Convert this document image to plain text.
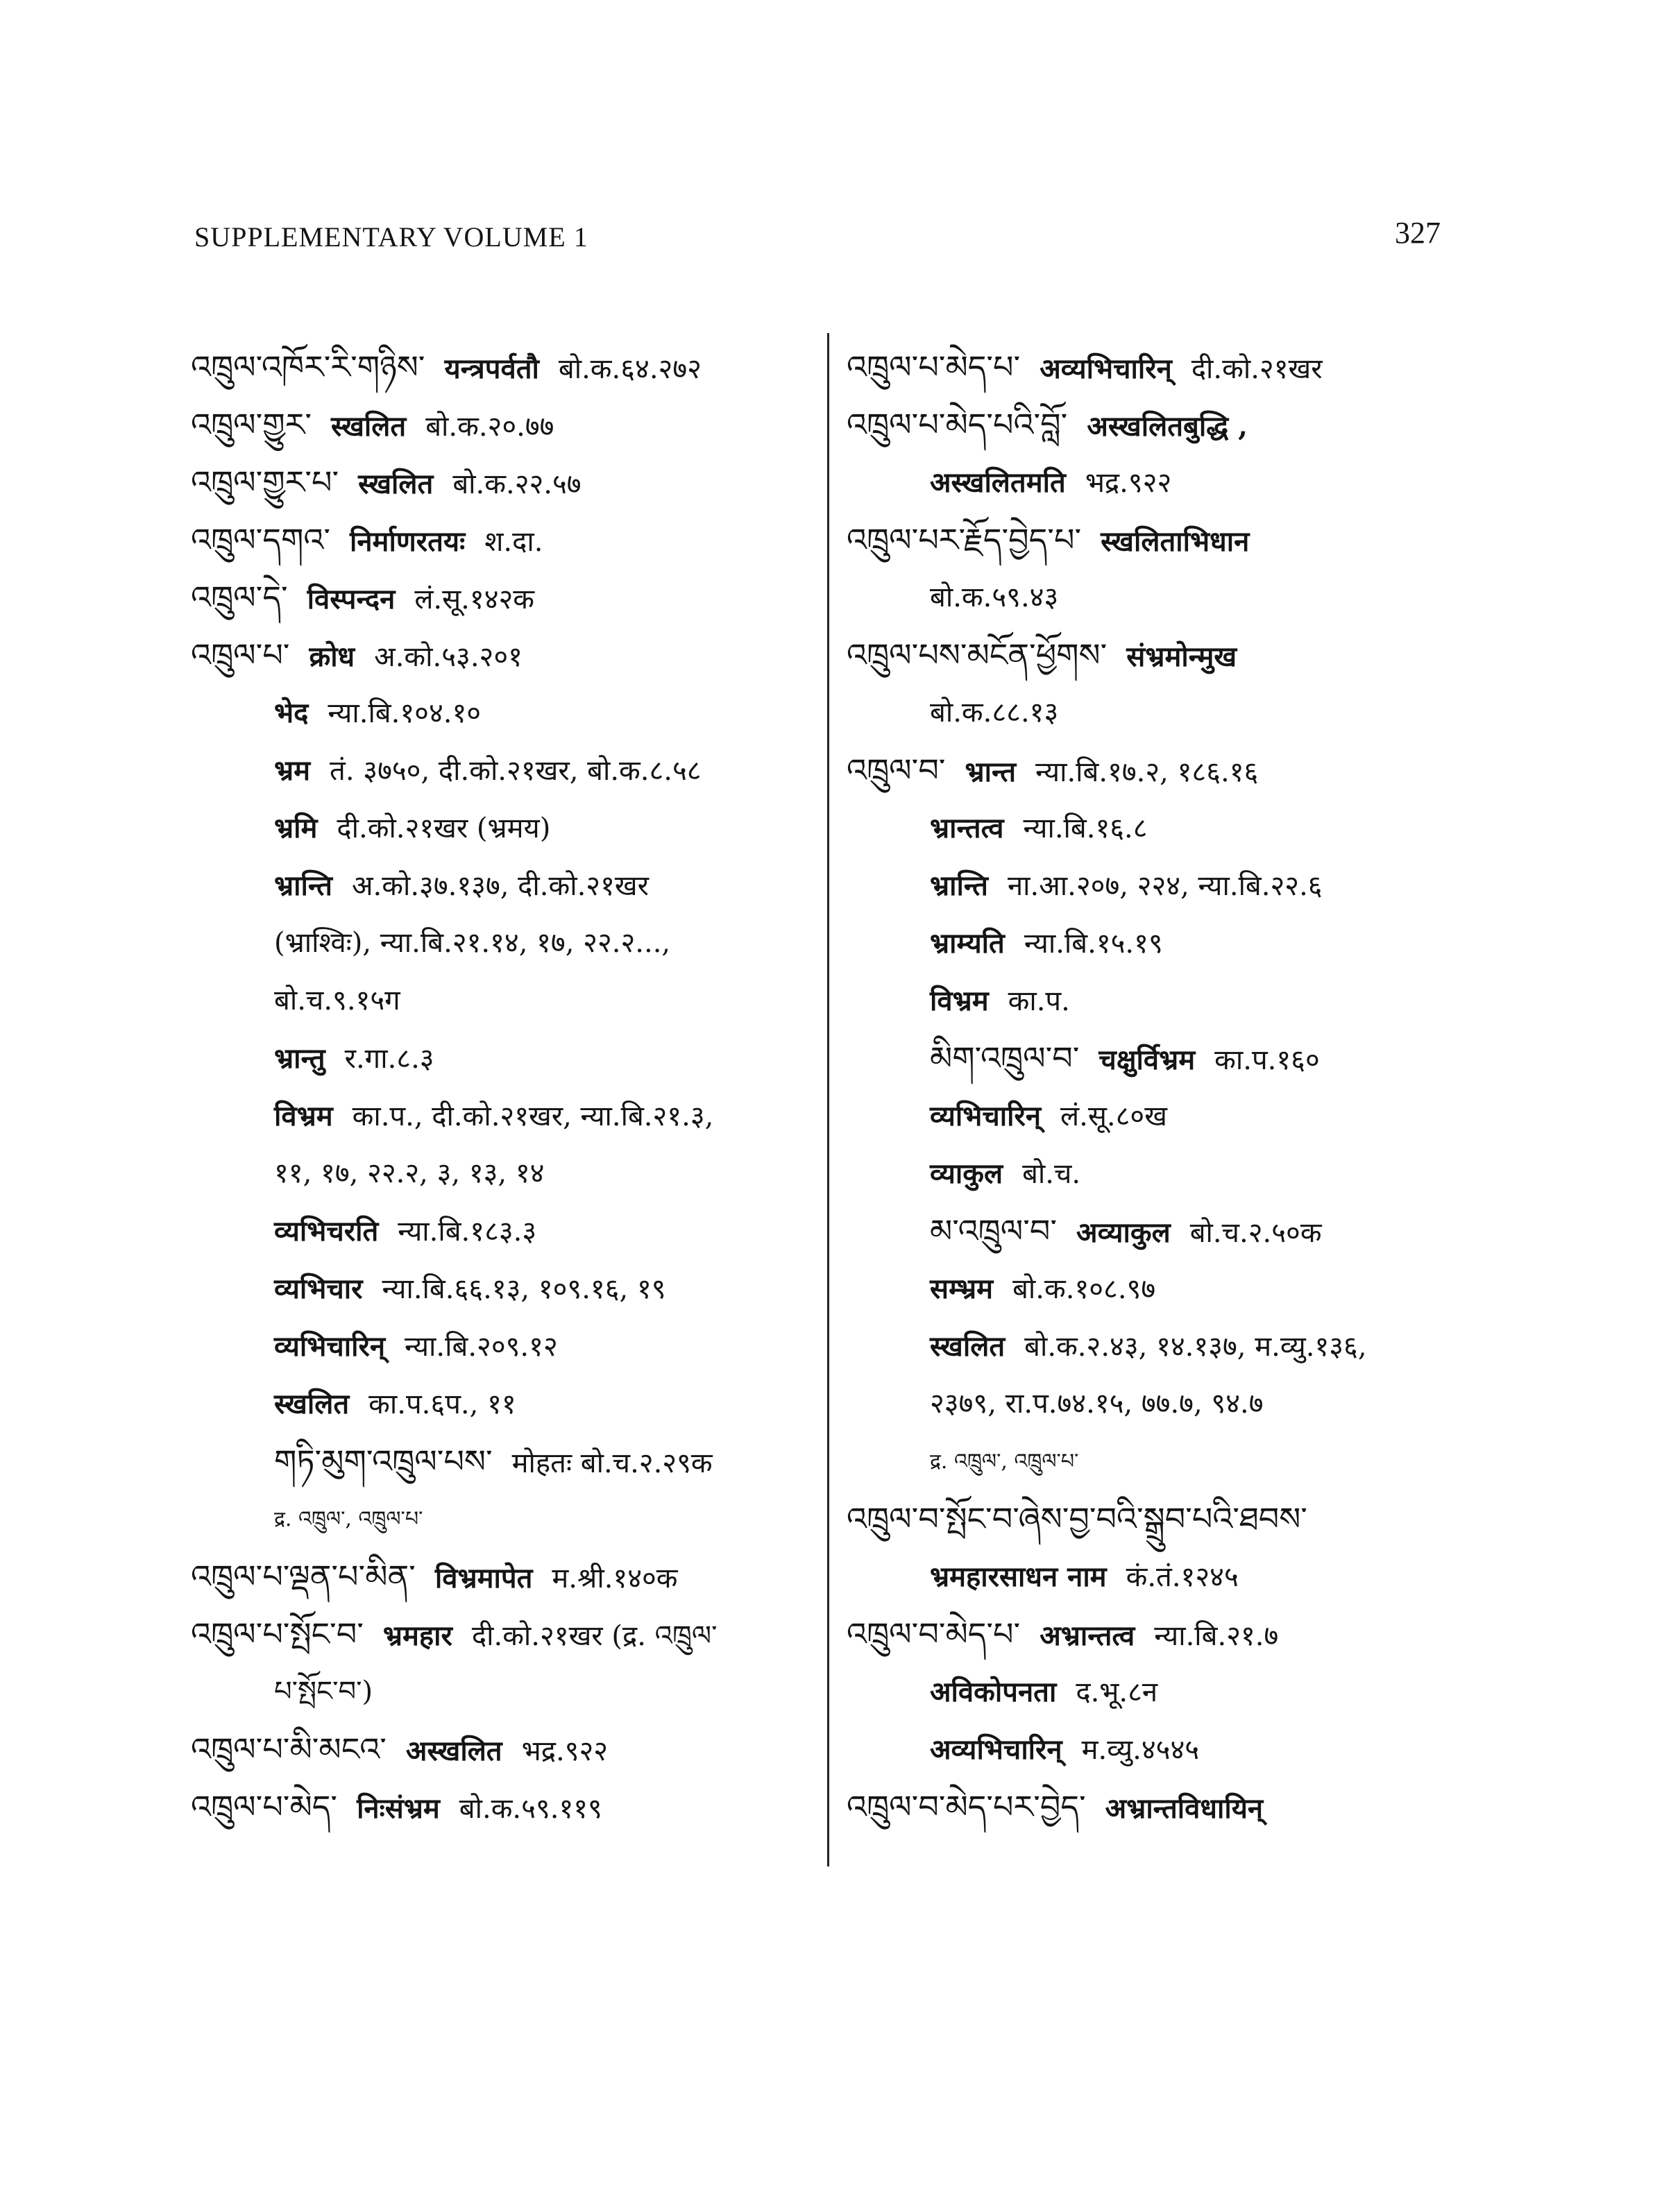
SUPPLEMENTARY VOLUME 1	327
འཁྲུལ་འཁོར་རི་གཉིས་ यन्त्रपर्वतौ बो.क.६४.२७२
འཁྲུལ་གྱུར་ स्खलित बो.क.२०.७७
འཁྲུལ་གྱུར་པ་ स्खलित बो.क.२२.५७
འཁྲུལ་དགའ་ निर्माणरतयः श.दा.
འཁྲུལ་དེ་ विस्पन्दन लं.सू.१४२क
འཁྲུལ་པ་ क्रोध अ.को.५३.२०१
भेद न्या.बि.१०४.१०
भ्रम तं. ३७५०, दी.को.२१खर, बो.क.८.५८
भ्रमि दी.को.२१खर (भ्रमय)
भ्रान्ति अ.को.३७.१३७, दी.को.२१खर
(भ्राश्विः), न्या.बि.२१.१४, १७, २२.२...,
बो.च.९.१५ग
भ्रान्तु र.गा.८.३
विभ्रम का.प., दी.को.२१खर, न्या.बि.२१.३,
११, १७, २२.२, ३, १३, १४
व्यभिचरति न्या.बि.१८३.३
व्यभिचार न्या.बि.६६.१३, १०९.१६, १९
व्यभिचारिन् न्या.बि.२०९.१२
स्खलित का.प.६प., ११
གཏི་མུག་འཁྲུལ་པས་ मोहतः बो.च.२.२९क
द्र. འཁྲུལ་, འཁྲུལ་པ་
འཁྲུལ་པ་ལྡན་པ་མིན་ विभ्रमापेत म.श्री.१४०क
འཁྲུལ་པ་སྤོང་བ་ भ्रमहार दी.को.२१खर (द्र. འཁྲུལ་
པ་སྤོང་བ་)
འཁྲུལ་པ་མི་མངའ་ अस्खलित भद्र.९२२
འཁྲུལ་པ་མེད་ निःसंभ्रम बो.क.५९.११९
འཁྲུལ་པ་མེད་པ་ अव्यभिचारिन् दी.को.२१खर
འཁྲུལ་པ་མེད་པའི་བློ་ अस्खलितबुद्धि ,
अस्खलितमति भद्र.९२२
འཁྲུལ་པར་རྗོད་བྱེད་པ་ स्खलिताभिधान
बो.क.५९.४३
འཁྲུལ་པས་མངོན་ཕྱོགས་ संभ्रमोन्मुख
बो.क.८८.१३
འཁྲུལ་བ་ भ्रान्त न्या.बि.१७.२, १८६.१६
भ्रान्तत्व न्या.बि.१६.८
भ्रान्ति ना.आ.२०७, २२४, न्या.बि.२२.६
भ्राम्यति न्या.बि.१५.१९
विभ्रम का.प.
མིག་འཁྲུལ་བ་ चक्षुर्विभ्रम का.प.१६०
व्यभिचारिन् लं.सू.८०ख
व्याकुल बो.च.
མ་འཁྲུལ་བ་ अव्याकुल बो.च.२.५०क
सम्भ्रम बो.क.१०८.९७
स्खलित बो.क.२.४३, १४.१३७, म.व्यु.१३६,
२३७९, रा.प.७४.१५, ७७.७, ९४.७
द्र. འཁྲུལ་, འཁྲུལ་པ་
འཁྲུལ་བ་སྤོང་བ་ཞེས་བྱ་བའི་སྒྲུབ་པའི་ཐབས་
भ्रमहारसाधन नाम कं.तं.१२४५
འཁྲུལ་བ་མེད་པ་ अभ्रान्तत्व न्या.बि.२१.७
अविकोपनता द.भू.८न
अव्यभिचारिन् म.व्यु.४५४५
འཁྲུལ་བ་མེད་པར་བྱེད་ अभ्रान्तविधायिन्
